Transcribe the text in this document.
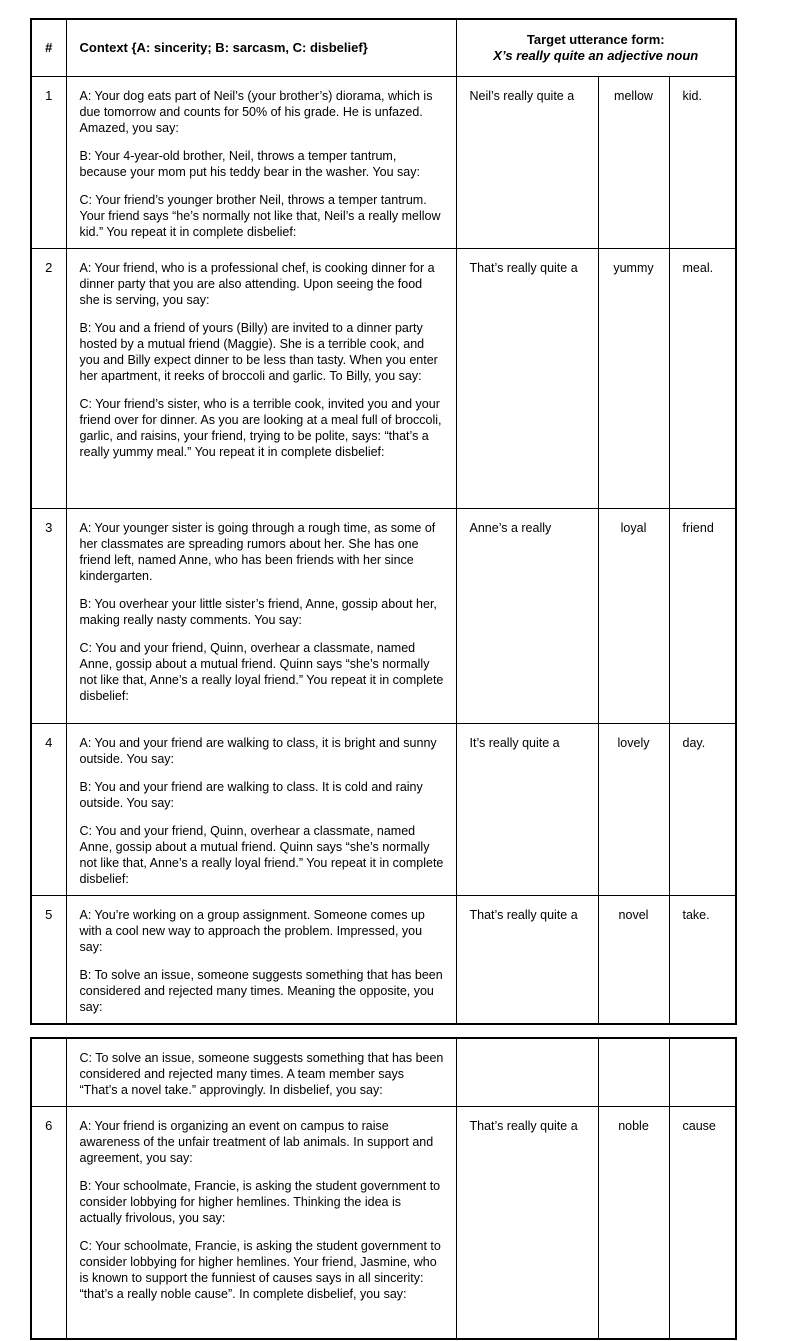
#	Context {A: sincerity; B: sarcasm, C: disbelief}	Target utterance form:
X’s really quite an adjective noun		

1	A: Your dog eats part of Neil’s (your brother’s) diorama, which is due tomorrow and counts for 50% of his grade. He is unfazed. Amazed, you say:

B: Your 4-year-old brother, Neil, throws a temper tantrum, because your mom put his teddy bear in the washer. You say:

C: Your friend’s younger brother Neil, throws a temper tantrum. Your friend says “he’s normally not like that, Neil’s a really mellow kid.” You repeat it in complete disbelief:	Neil’s really quite a	mellow	kid.
2	A: Your friend, who is a professional chef, is cooking dinner for a dinner party that you are also attending. Upon seeing the food she is serving, you say:

B: You and a friend of yours (Billy) are invited to a dinner party hosted by a mutual friend (Maggie). She is a terrible cook, and you and Billy expect dinner to be less than tasty. When you enter her apartment, it reeks of broccoli and garlic. To Billy, you say:

C: Your friend’s sister, who is a terrible cook, invited you and your friend over for dinner. As you are looking at a meal full of broccoli, garlic, and raisins, your friend, trying to be polite, says: “that’s a really yummy meal.” You repeat it in complete disbelief:	That’s really quite a	yummy	meal.
3	A: Your younger sister is going through a rough time, as some of her classmates are spreading rumors about her. She has one friend left, named Anne, who has been friends with her since kindergarten.

B: You overhear your little sister’s friend, Anne, gossip about her, making really nasty comments. You say:

C: You and your friend, Quinn, overhear a classmate, named Anne, gossip about a mutual friend. Quinn says “she’s normally not like that, Anne’s a really loyal friend.” You repeat it in complete disbelief:	Anne’s a really	loyal	friend
4	A: You and your friend are walking to class, it is bright and sunny outside. You say:

B: You and your friend are walking to class. It is cold and rainy outside. You say:

C: You and your friend, Quinn, overhear a classmate, named Anne, gossip about a mutual friend. Quinn says “she’s normally not like that, Anne’s a really loyal friend.” You repeat it in complete disbelief:	It’s really quite a	lovely	day.
5	A: You’re working on a group assignment. Someone comes up with a cool new way to approach the problem. Impressed, you say:

B: To solve an issue, someone suggests something that has been considered and rejected many times. Meaning the opposite, you say:	That’s really quite a	novel	take.

	C: To solve an issue, someone suggests something that has been considered and rejected many times. A team member says “That’s a novel take.” approvingly. In disbelief, you say:			

6	A: Your friend is organizing an event on campus to raise awareness of the unfair treatment of lab animals. In support and agreement, you say:

B: Your schoolmate, Francie, is asking the student government to consider lobbying for higher hemlines. Thinking the idea is actually frivolous, you say:

C: Your schoolmate, Francie, is asking the student government to consider lobbying for higher hemlines. Your friend, Jasmine, who is known to support the funniest of causes says in all sincerity: “that’s a really noble cause”. In complete disbelief, you say:	That’s really quite a	noble	cause
